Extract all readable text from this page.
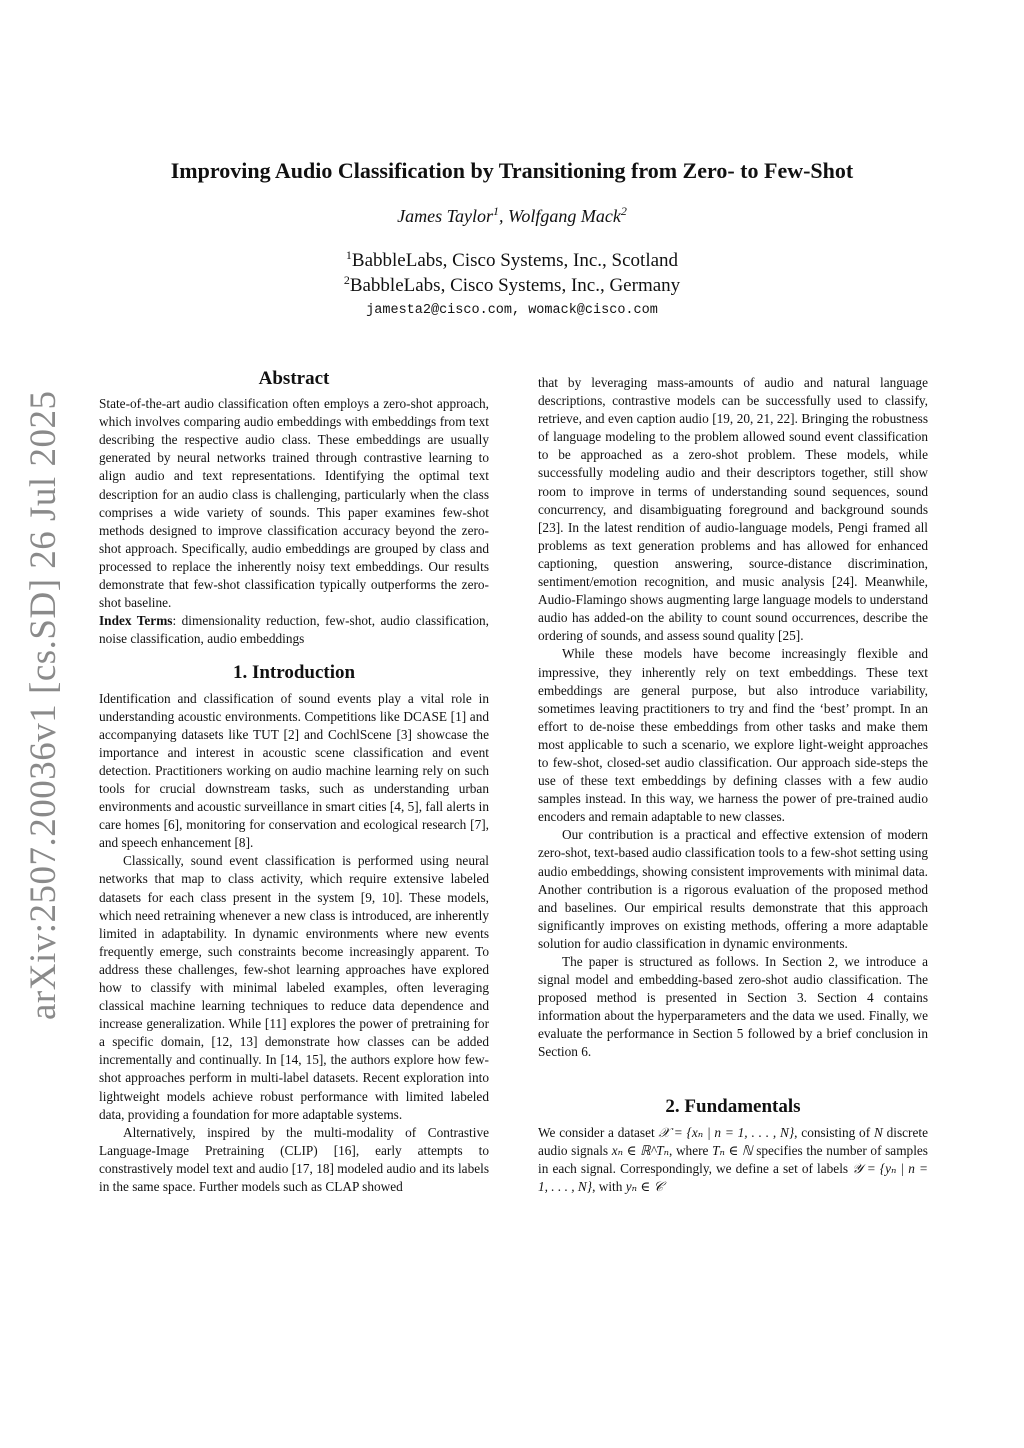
arXiv:2507.20036v1 [cs.SD] 26 Jul 2025
Improving Audio Classification by Transitioning from Zero- to Few-Shot
James Taylor$^1$, Wolfgang Mack$^2$
$^1$BabbleLabs, Cisco Systems, Inc., Scotland
$^2$BabbleLabs, Cisco Systems, Inc., Germany
jamesta2@cisco.com, womack@cisco.com
Abstract

State-of-the-art audio classification often employs a zero-shot approach, which involves comparing audio embeddings with embeddings from text describing the respective audio class. These embeddings are usually generated by neural networks trained through contrastive learning to align audio and text representations. Identifying the optimal text description for an audio class is challenging, particularly when the class comprises a wide variety of sounds. This paper examines few-shot methods designed to improve classification accuracy beyond the zero-shot approach. Specifically, audio embeddings are grouped by class and processed to replace the inherently noisy text embeddings. Our results demonstrate that few-shot classification typically outperforms the zero-shot baseline.

Index Terms: dimensionality reduction, few-shot, audio classification, noise classification, audio embeddings

1. Introduction

Identification and classification of sound events play a vital role in understanding acoustic environments. Competitions like DCASE [1] and accompanying datasets like TUT [2] and CochlScene [3] showcase the importance and interest in acoustic scene classification and event detection. Practitioners working on audio machine learning rely on such tools for crucial downstream tasks, such as understanding urban environments and acoustic surveillance in smart cities [4, 5], fall alerts in care homes [6], monitoring for conservation and ecological research [7], and speech enhancement [8].

Classically, sound event classification is performed using neural networks that map to class activity, which require extensive labeled datasets for each class present in the system [9, 10]. These models, which need retraining whenever a new class is introduced, are inherently limited in adaptability. In dynamic environments where new events frequently emerge, such constraints become increasingly apparent. To address these challenges, few-shot learning approaches have explored how to classify with minimal labeled examples, often leveraging classical machine learning techniques to reduce data dependence and increase generalization. While [11] explores the power of pretraining for a specific domain, [12, 13] demonstrate how classes can be added incrementally and continually. In [14, 15], the authors explore how few-shot approaches perform in multi-label datasets. Recent exploration into lightweight models achieve robust performance with limited labeled data, providing a foundation for more adaptable systems.

Alternatively, inspired by the multi-modality of Contrastive Language-Image Pretraining (CLIP) [16], early attempts to constrastively model text and audio [17, 18] modeled audio and its labels in the same space. Further models such as CLAP showed

that by leveraging mass-amounts of audio and natural language descriptions, contrastive models can be successfully used to classify, retrieve, and even caption audio [19, 20, 21, 22]. Bringing the robustness of language modeling to the problem allowed sound event classification to be approached as a zero-shot problem. These models, while successfully modeling audio and their descriptors together, still show room to improve in terms of understanding sound sequences, sound concurrency, and disambiguating foreground and background sounds [23]. In the latest rendition of audio-language models, Pengi framed all problems as text generation problems and has allowed for enhanced captioning, question answering, source-distance discrimination, sentiment/emotion recognition, and music analysis [24]. Meanwhile, Audio-Flamingo shows augmenting large language models to understand audio has added-on the ability to count sound occurrences, describe the ordering of sounds, and assess sound quality [25].

While these models have become increasingly flexible and impressive, they inherently rely on text embeddings. These text embeddings are general purpose, but also introduce variability, sometimes leaving practitioners to try and find the ‘best’ prompt. In an effort to de-noise these embeddings from other tasks and make them most applicable to such a scenario, we explore light-weight approaches to few-shot, closed-set audio classification. Our approach side-steps the use of these text embeddings by defining classes with a few audio samples instead. In this way, we harness the power of pre-trained audio encoders and remain adaptable to new classes.

Our contribution is a practical and effective extension of modern zero-shot, text-based audio classification tools to a few-shot setting using audio embeddings, showing consistent improvements with minimal data. Another contribution is a rigorous evaluation of the proposed method and baselines. Our empirical results demonstrate that this approach significantly improves on existing methods, offering a more adaptable solution for audio classification in dynamic environments.

The paper is structured as follows. In Section 2, we introduce a signal model and embedding-based zero-shot audio classification. The proposed method is presented in Section 3. Section 4 contains information about the hyperparameters and the data we used. Finally, we evaluate the performance in Section 5 followed by a brief conclusion in Section 6.

2. Fundamentals

We consider a dataset 𝒳 = {xₙ | n = 1, . . . , N}, consisting of N discrete audio signals xₙ ∈ ℝ^Tₙ, where Tₙ ∈ ℕ specifies the number of samples in each signal. Correspondingly, we define a set of labels 𝒴 = {yₙ | n = 1, . . . , N}, with yₙ ∈ 𝒞
